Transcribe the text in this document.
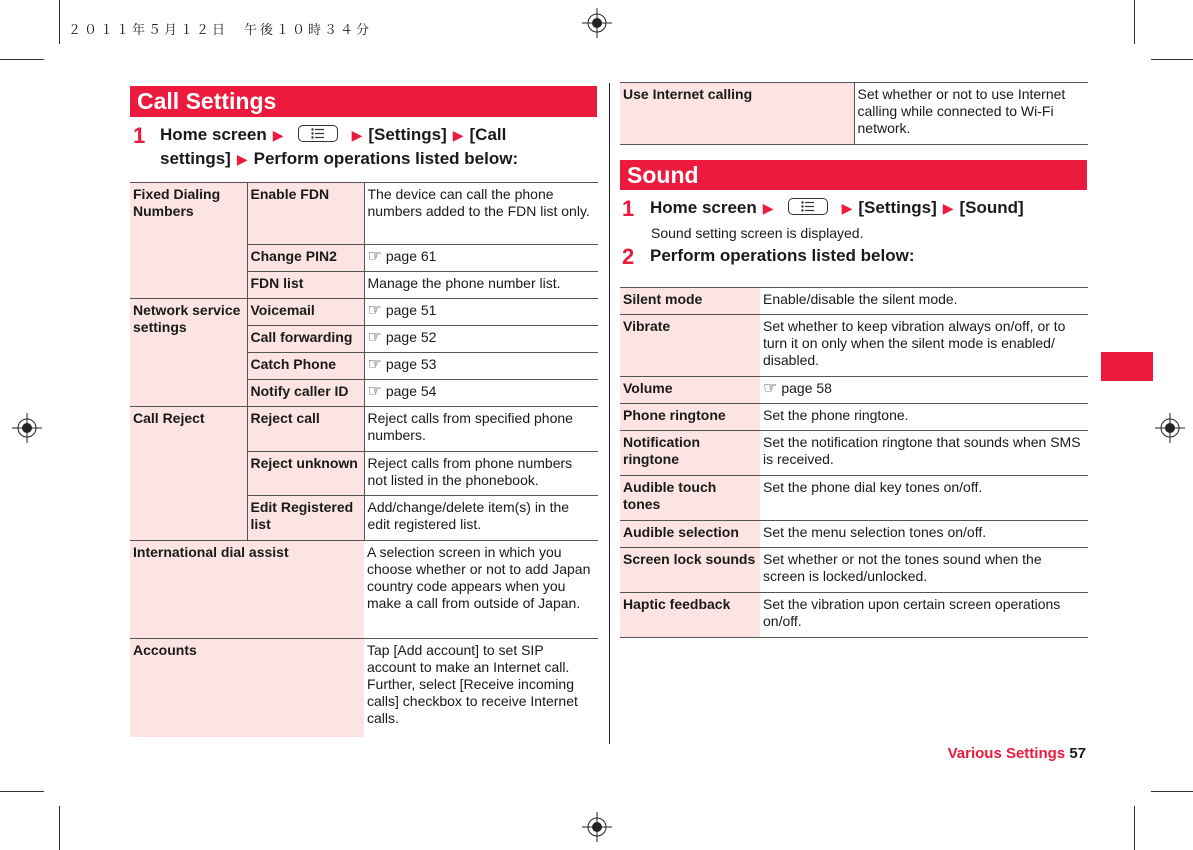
２０１１年５月１２日　午後１０時３４分
Call Settings
1 Home screen ▶	▶ [Settings] ▶ [Call
settings] ▶ Perform operations listed below:
Fixed Dialing Numbers	Enable FDN	The device can call the phone numbers added to the FDN list only.
	Change PIN2	☞ page 61
	FDN list	Manage the phone number list.
Network service settings	Voicemail	☞ page 51
	Call forwarding	☞ page 52
	Catch Phone	☞ page 53
	Notify caller ID	☞ page 54
Call Reject	Reject call	Reject calls from specified phone numbers.
	Reject unknown	Reject calls from phone numbers not listed in the phonebook.
	Edit Registered list	Add/change/delete item(s) in the edit registered list.
International dial assist		A selection screen in which you choose whether or not to add Japan country code appears when you make a call from outside of Japan.
Accounts		Tap [Add account] to set SIP account to make an Internet call. Further, select [Receive incoming calls] checkbox to receive Internet calls.
Use Internet calling	Set whether or not to use Internet calling while connected to Wi-Fi network.
Sound
1 Home screen ▶	▶ [Settings] ▶ [Sound]
Sound setting screen is displayed.
2 Perform operations listed below:
Silent mode	Enable/disable the silent mode.
Vibrate	Set whether to keep vibration always on/off, or to turn it on only when the silent mode is enabled/ disabled.
Volume	☞ page 58
Phone ringtone	Set the phone ringtone.
Notification ringtone	Set the notification ringtone that sounds when SMS is received.
Audible touch tones	Set the phone dial key tones on/off.
Audible selection	Set the menu selection tones on/off.
Screen lock sounds	Set whether or not the tones sound when the screen is locked/unlocked.
Haptic feedback	Set the vibration upon certain screen operations on/off.
Various Settings 57
